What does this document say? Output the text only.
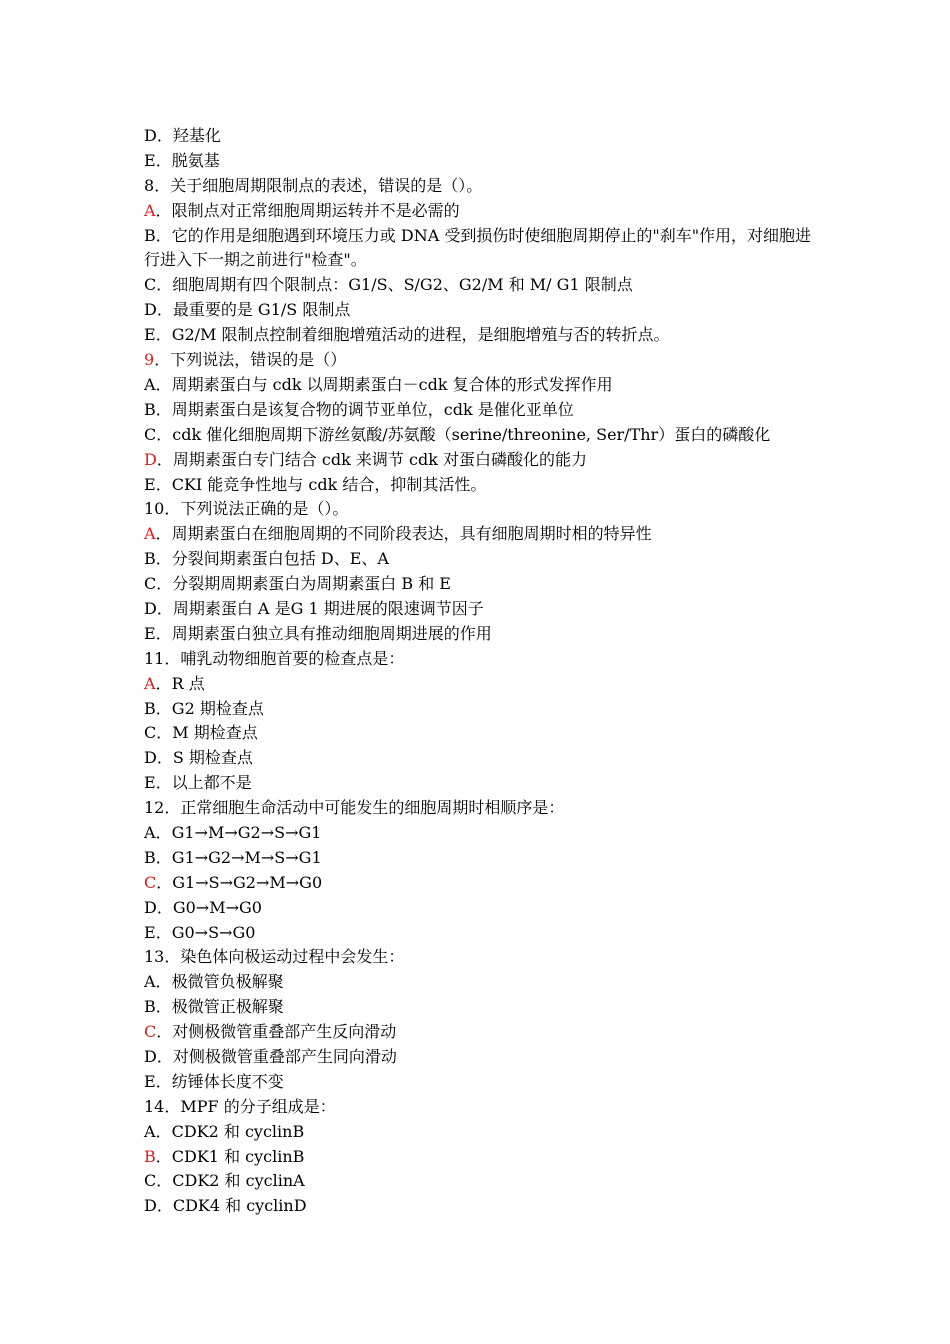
D．羟基化
E．脱氨基
8．关于细胞周期限制点的表述，错误的是（）。
A．限制点对正常细胞周期运转并不是必需的
B．它的作用是细胞遇到环境压力或 DNA 受到损伤时使细胞周期停止的"刹车"作用，对细胞进行进入下一期之前进行"检查"。
C．细胞周期有四个限制点：G1/S、S/G2、G2/M 和 M/ G1 限制点
D．最重要的是 G1/S 限制点
E．G2/M 限制点控制着细胞增殖活动的进程，是细胞增殖与否的转折点。
9．下列说法，错误的是（）
A．周期素蛋白与 cdk 以周期素蛋白－cdk 复合体的形式发挥作用
B．周期素蛋白是该复合物的调节亚单位，cdk 是催化亚单位
C．cdk 催化细胞周期下游丝氨酸/苏氨酸（serine/threonine, Ser/Thr）蛋白的磷酸化
D．周期素蛋白专门结合 cdk 来调节 cdk 对蛋白磷酸化的能力
E．CKI 能竞争性地与 cdk 结合，抑制其活性。
10．下列说法正确的是（）。
A．周期素蛋白在细胞周期的不同阶段表达，具有细胞周期时相的特异性
B．分裂间期素蛋白包括 D、E、A
C．分裂期周期素蛋白为周期素蛋白 B 和 E
D．周期素蛋白 A 是G 1 期进展的限速调节因子
E．周期素蛋白独立具有推动细胞周期进展的作用
11．哺乳动物细胞首要的检查点是：
A．R 点
B．G2 期检查点
C．M 期检查点
D．S 期检查点
E．以上都不是
12．正常细胞生命活动中可能发生的细胞周期时相顺序是：
A．G1→M→G2→S→G1
B．G1→G2→M→S→G1
C．G1→S→G2→M→G0
D．G0→M→G0
E．G0→S→G0
13．染色体向极运动过程中会发生：
A．极微管负极解聚
B．极微管正极解聚
C．对侧极微管重叠部产生反向滑动
D．对侧极微管重叠部产生同向滑动
E．纺锤体长度不变
14．MPF 的分子组成是：
A．CDK2 和 cyclinB
B．CDK1 和 cyclinB
C．CDK2 和 cyclinA
D．CDK4 和 cyclinD
